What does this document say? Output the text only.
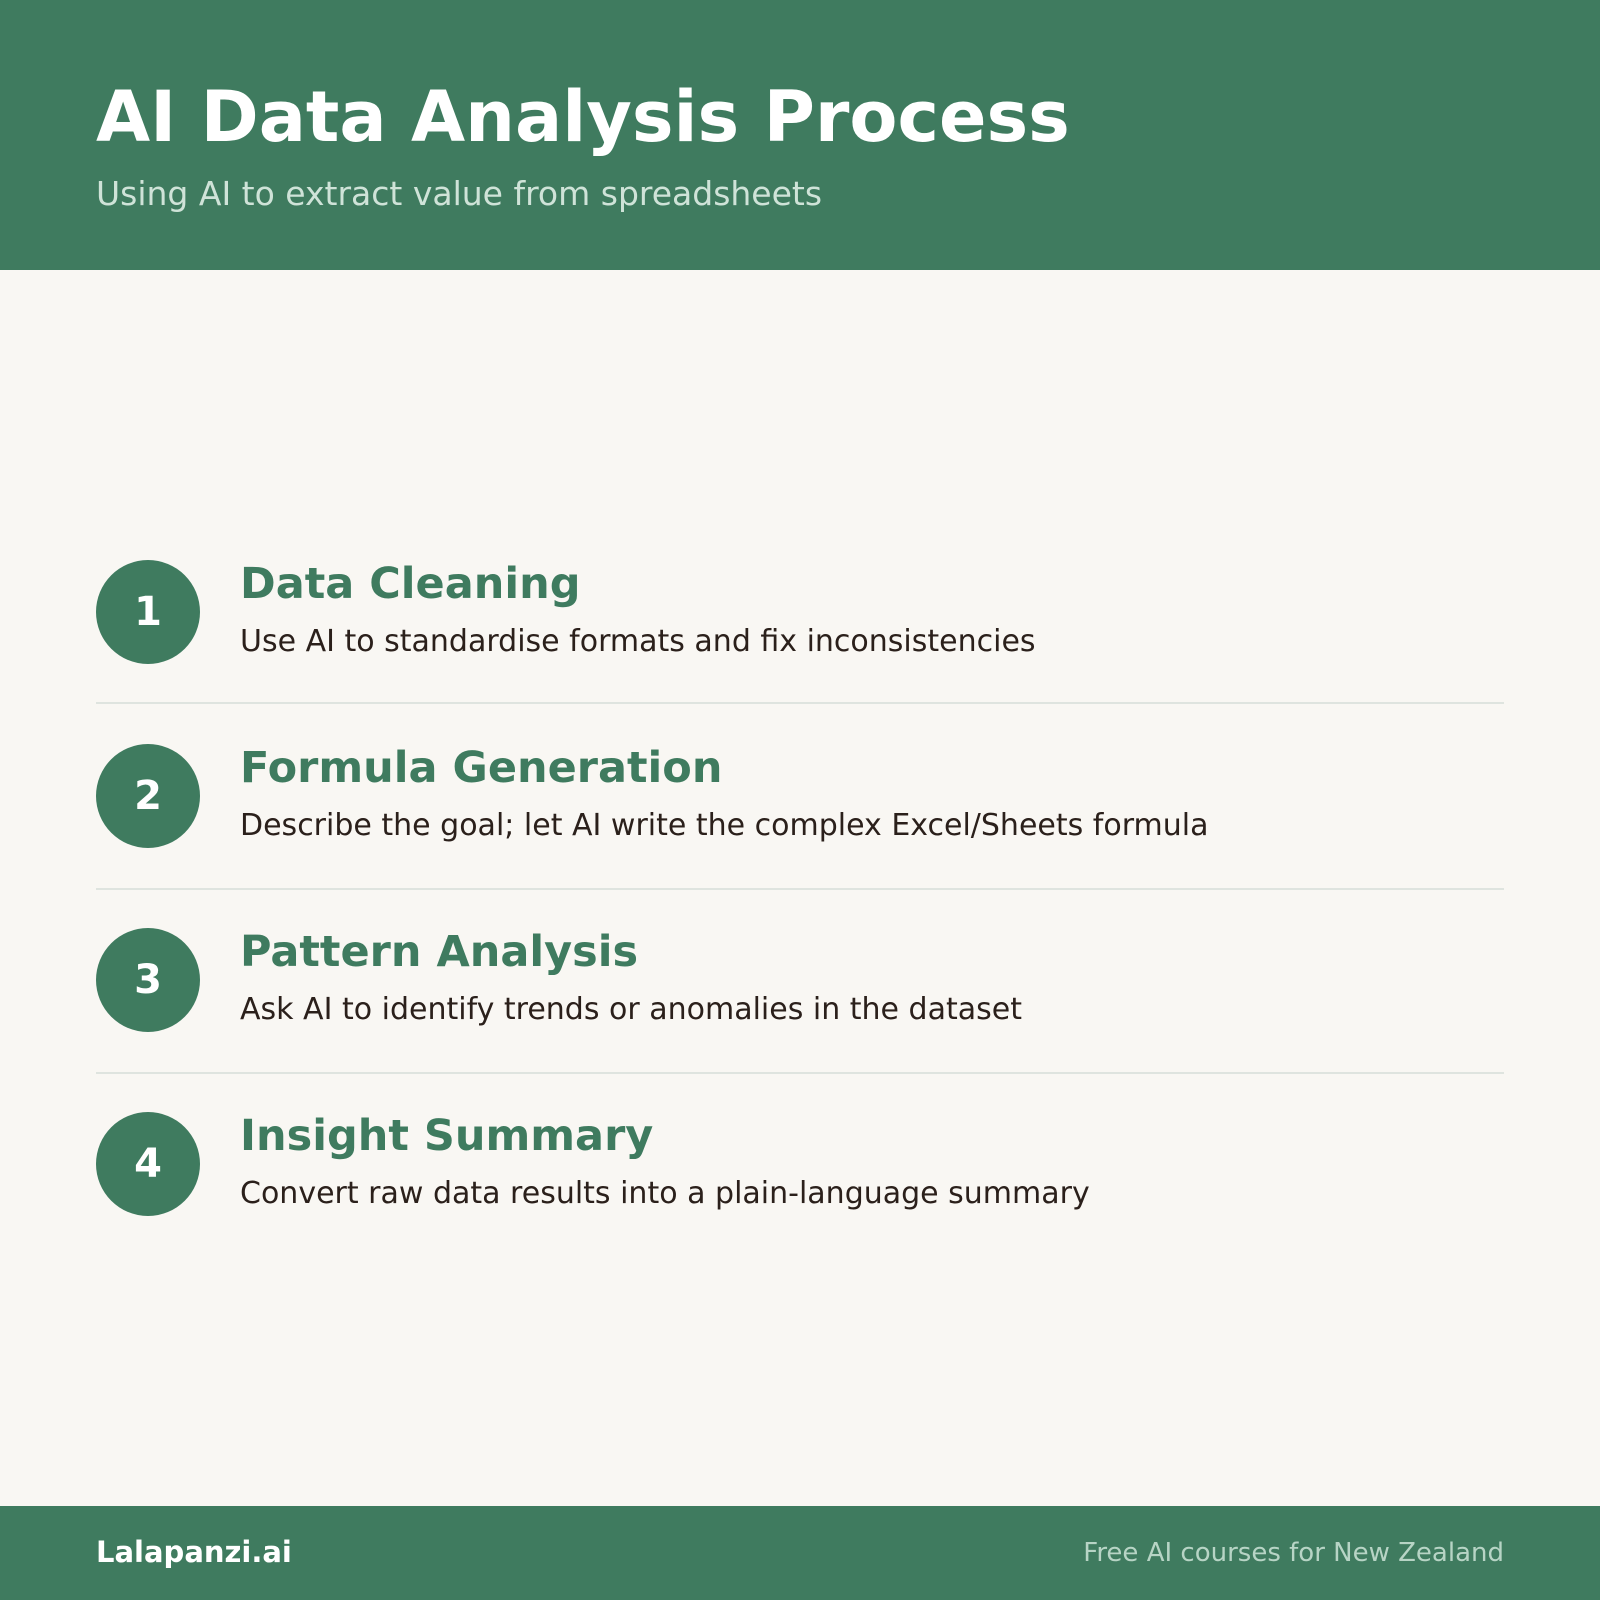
AI Data Analysis Process

Using AI to extract value from spreadsheets

1
Data Cleaning

Use AI to standardise formats and fix inconsistencies

2
Formula Generation

Describe the goal; let AI write the complex Excel/Sheets formula

3
Pattern Analysis

Ask AI to identify trends or anomalies in the dataset

4
Insight Summary

Convert raw data results into a plain-language summary

Lalapanzi.ai	Free AI courses for New Zealand
